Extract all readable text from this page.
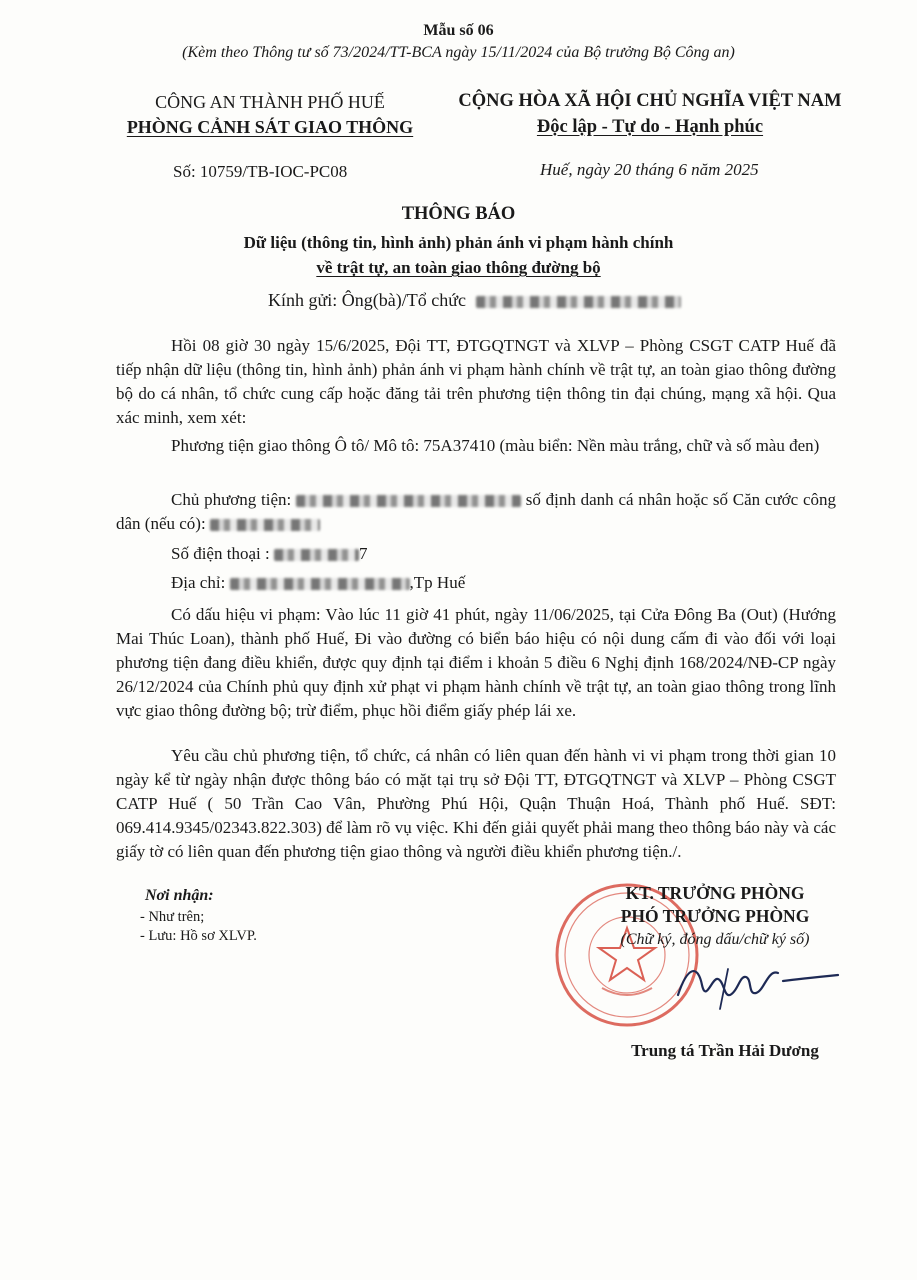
Mẫu số 06
(Kèm theo Thông tư số 73/2024/TT-BCA ngày 15/11/2024 của Bộ trưởng Bộ Công an)
CÔNG AN THÀNH PHỐ HUẾ
PHÒNG CẢNH SÁT GIAO THÔNG
CỘNG HÒA XÃ HỘI CHỦ NGHĨA VIỆT NAM
Độc lập - Tự do - Hạnh phúc
Số: 10759/TB-IOC-PC08	Huế, ngày 20 tháng 6 năm 2025
THÔNG BÁO
Dữ liệu (thông tin, hình ảnh) phản ánh vi phạm hành chính
về trật tự, an toàn giao thông đường bộ
Kính gửi: Ông(bà)/Tổ chức
Hồi 08 giờ 30 ngày 15/6/2025, Đội TT, ĐTGQTNGT và XLVP – Phòng CSGT CATP Huế đã tiếp nhận dữ liệu (thông tin, hình ảnh) phản ánh vi phạm hành chính về trật tự, an toàn giao thông đường bộ do cá nhân, tổ chức cung cấp hoặc đăng tải trên phương tiện thông tin đại chúng, mạng xã hội. Qua xác minh, xem xét:
Phương tiện giao thông Ô tô/ Mô tô: 75A37410 (màu biển: Nền màu trắng, chữ và số màu đen)
Chủ phương tiện:	số định danh cá nhân hoặc số Căn cước công dân (nếu có):
Số điện thoại :	7
Địa chỉ:	,Tp Huế
Có dấu hiệu vi phạm: Vào lúc 11 giờ 41 phút, ngày 11/06/2025, tại Cửa Đông Ba (Out) (Hướng Mai Thúc Loan), thành phố Huế, Đi vào đường có biển báo hiệu có nội dung cấm đi vào đối với loại phương tiện đang điều khiển, được quy định tại điểm i khoản 5 điều 6 Nghị định 168/2024/NĐ-CP ngày 26/12/2024 của Chính phủ quy định xử phạt vi phạm hành chính về trật tự, an toàn giao thông trong lĩnh vực giao thông đường bộ; trừ điểm, phục hồi điểm giấy phép lái xe.
Yêu cầu chủ phương tiện, tổ chức, cá nhân có liên quan đến hành vi vi phạm trong thời gian 10 ngày kể từ ngày nhận được thông báo có mặt tại trụ sở Đội TT, ĐTGQTNGT và XLVP – Phòng CSGT CATP Huế ( 50 Trần Cao Vân, Phường Phú Hội, Quận Thuận Hoá, Thành phố Huế. SĐT: 069.414.9345/02343.822.303) để làm rõ vụ việc. Khi đến giải quyết phải mang theo thông báo này và các giấy tờ có liên quan đến phương tiện giao thông và người điều khiển phương tiện./.
Nơi nhận:
- Như trên;
- Lưu: Hồ sơ XLVP.
KT. TRƯỞNG PHÒNG
PHÓ TRƯỞNG PHÒNG
(Chữ ký, đóng dấu/chữ ký số)
Trung tá Trần Hải Dương
